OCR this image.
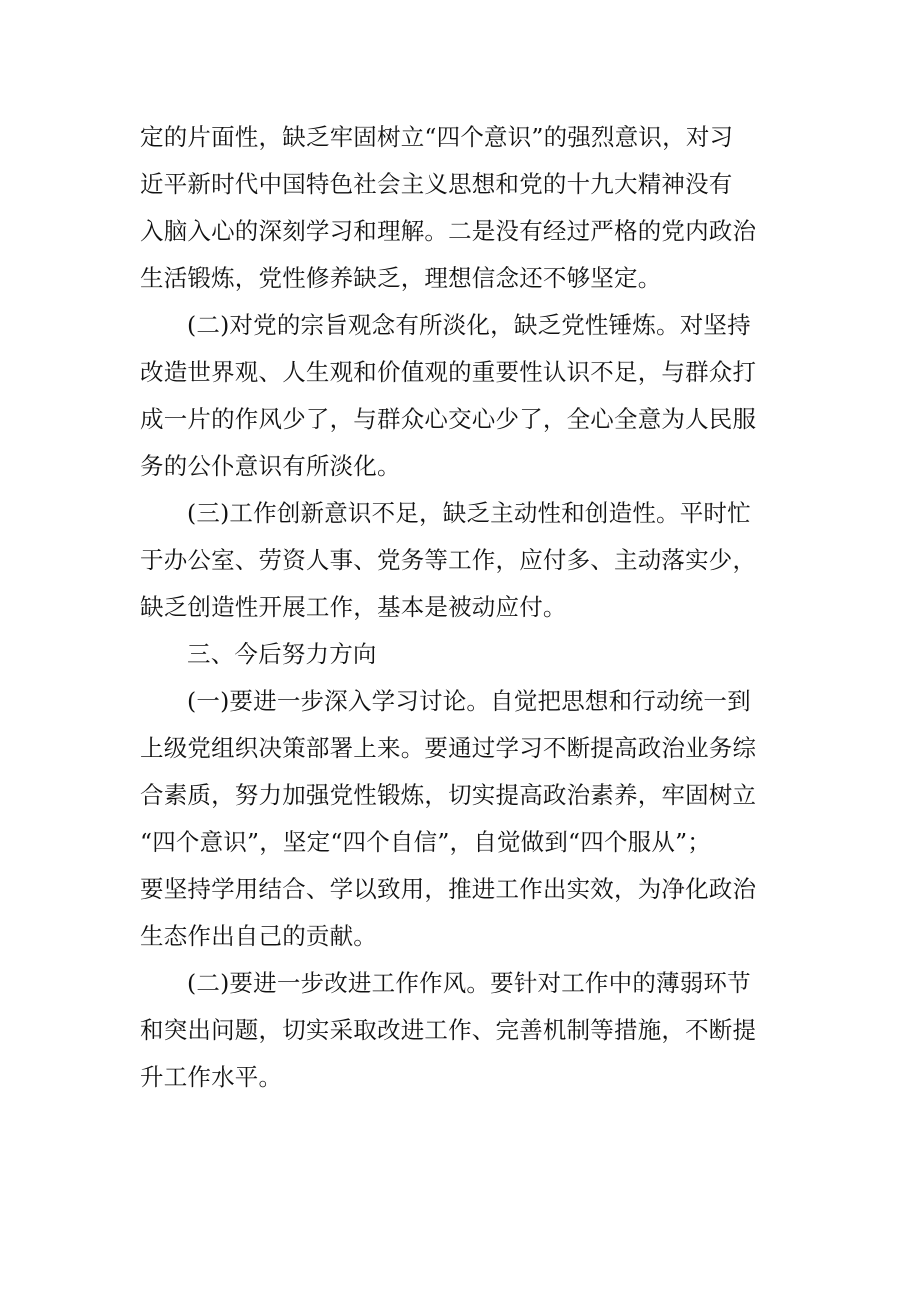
定的片面性，缺乏牢固树立“四个意识”的强烈意识，对习
近平新时代中国特色社会主义思想和党的十九大精神没有
入脑入心的深刻学习和理解。二是没有经过严格的党内政治
生活锻炼，党性修养缺乏，理想信念还不够坚定。
(二)对党的宗旨观念有所淡化，缺乏党性锤炼。对坚持
改造世界观、人生观和价值观的重要性认识不足，与群众打
成一片的作风少了，与群众心交心少了，全心全意为人民服
务的公仆意识有所淡化。
(三)工作创新意识不足，缺乏主动性和创造性。平时忙
于办公室、劳资人事、党务等工作，应付多、主动落实少，
缺乏创造性开展工作，基本是被动应付。
三、今后努力方向
(一)要进一步深入学习讨论。自觉把思想和行动统一到
上级党组织决策部署上来。要通过学习不断提高政治业务综
合素质，努力加强党性锻炼，切实提高政治素养，牢固树立
“四个意识”，坚定“四个自信”，自觉做到“四个服从”；
要坚持学用结合、学以致用，推进工作出实效，为净化政治
生态作出自己的贡献。
(二)要进一步改进工作作风。要针对工作中的薄弱环节
和突出问题，切实采取改进工作、完善机制等措施，不断提
升工作水平。
